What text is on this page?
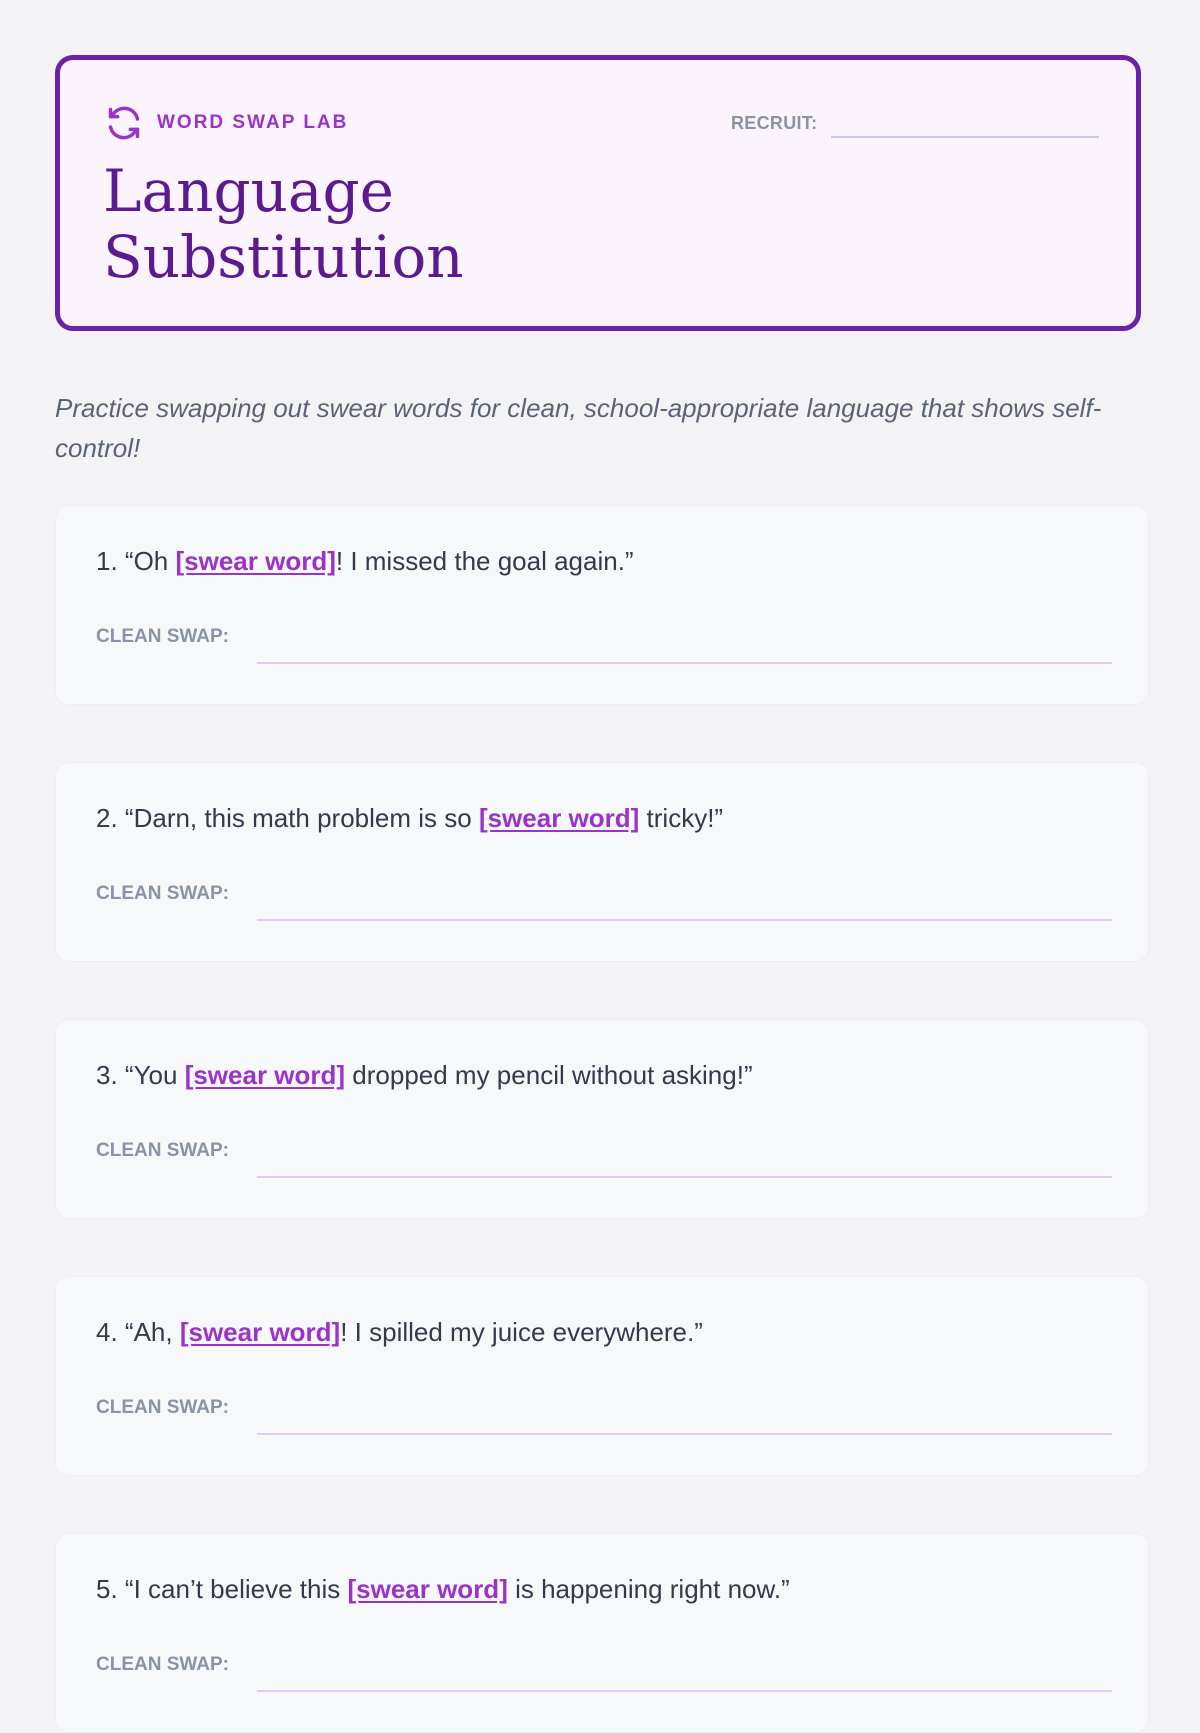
WORD SWAP LAB
Language Substitution
RECRUIT:

Practice swapping out swear words for clean, school-appropriate language that shows self-control!

1. “Oh [swear word]! I missed the goal again.”

CLEAN SWAP:

2. “Darn, this math problem is so [swear word] tricky!”

CLEAN SWAP:

3. “You [swear word] dropped my pencil without asking!”

CLEAN SWAP:

4. “Ah, [swear word]! I spilled my juice everywhere.”

CLEAN SWAP:

5. “I can’t believe this [swear word] is happening right now.”

CLEAN SWAP:
